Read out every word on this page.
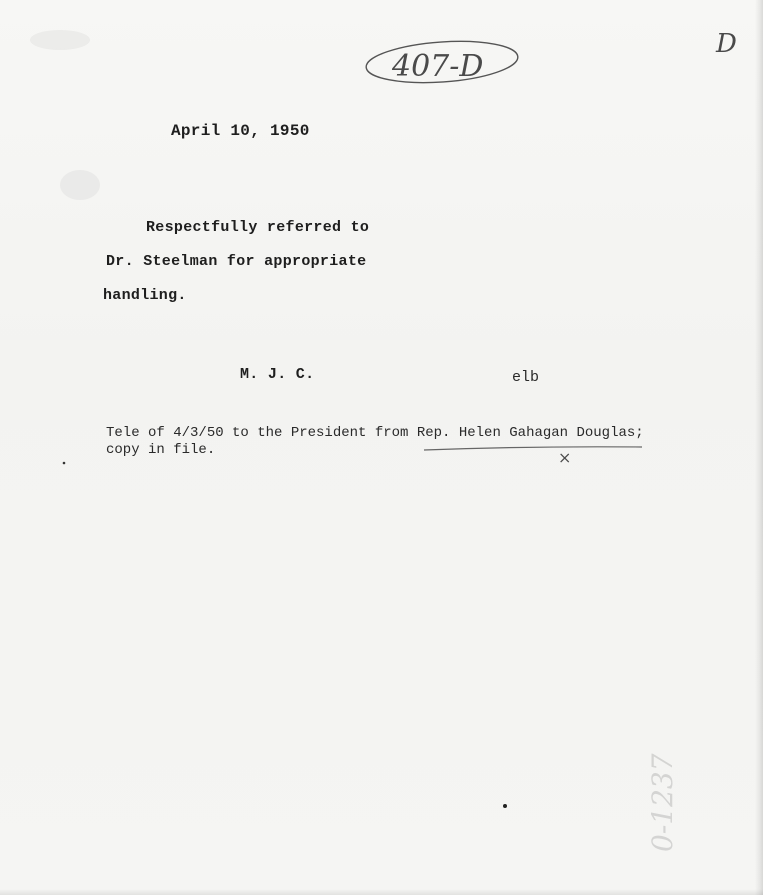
April 10, 1950

Respectfully referred to

Dr. Steelman for appropriate

handling.

M. J. C.	elb

Tele of 4/3/50 to the President from Rep. Helen Gahagan Douglas;

copy in file.

407-D
D
×
0-1237
